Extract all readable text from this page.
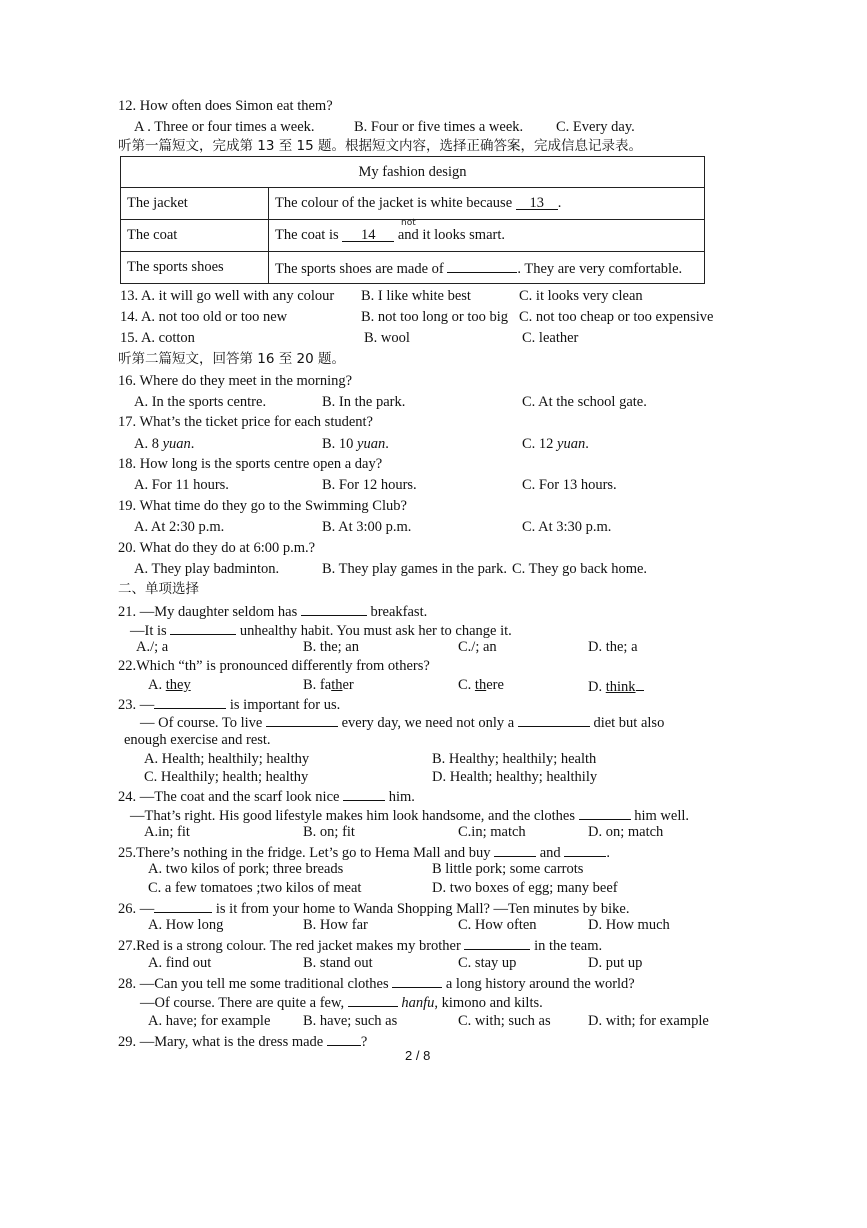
12. How often does Simon eat them?
A . Three or four times a week.	B. Four or five times a week. C. Every day.
听第一篇短文，完成第 13 至 15 题。根据短文内容，选择正确答案，完成信息记录表。
My fashion design	
The jacket	The colour of the jacket is white because 13 .
The coat	The coat is 14 and it looks smart.
not

The sports shoes	The sports shoes are made of . They are very comfortable.
13. A. it will go well with any colour B. I like white best	C. it looks very clean
14. A. not too old or too new	B. not too long or too big C. not too cheap or too expensive
15. A. cotton	B. wool	C. leather
听第二篇短文，回答第 16 至 20 题。
16. Where do they meet in the morning?
A. In the sports centre.	B. In the park.	C. At the school gate.
17. What’s the ticket price for each student?
A. 8 yuan.	B. 10 yuan.	C. 12 yuan.
18. How long is the sports centre open a day?
A. For 11 hours.	B. For 12 hours.	C. For 13 hours.
19. What time do they go to the Swimming Club?
A. At 2:30 p.m.	B. At 3:00 p.m.	C. At 3:30 p.m.
20. What do they do at 6:00 p.m.?
A. They play badminton.	B. They play games in the park. C. They go back home.
二、单项选择
21. —My daughter seldom has	breakfast.
—It is	unhealthy habit. You must ask her to change it.
A./; a	B. the; an	C./; an	D. the; a
22.Which “th” is pronounced differently from others?
A. they	B. father	C. there	D. think
23. —	is important for us.
— Of course. To live	every day, we need not only a	diet but also
enough exercise and rest.
A. Health; healthily; healthy	B. Healthy; healthily; health
C. Healthily; health; healthy	D. Health; healthy; healthily
24. —The coat and the scarf look nice	him.
—That’s right. His good lifestyle makes him look handsome, and the clothes	him well.
A.in; fit	B. on; fit	C.in; match	D. on; match
25.There’s nothing in the fridge. Let’s go to Hema Mall and buy	and	.
A. two kilos of pork; three breads	B little pork; some carrots
C. a few tomatoes ;two kilos of meat	D. two boxes of egg; many beef
26. —	is it from your home to Wanda Shopping Mall? —Ten minutes by bike.
A. How long	B. How far	C. How often	D. How much
27.Red is a strong colour. The red jacket makes my brother	in the team.
A. find out	B. stand out	C. stay up	D. put up
28. —Can you tell me some traditional clothes	a long history around the world?
—Of course. There are quite a few,	hanfu, kimono and kilts.
A. have; for example B. have; such as	C. with; such as	D. with; for example
29. —Mary, what is the dress made	?
2 / 8
